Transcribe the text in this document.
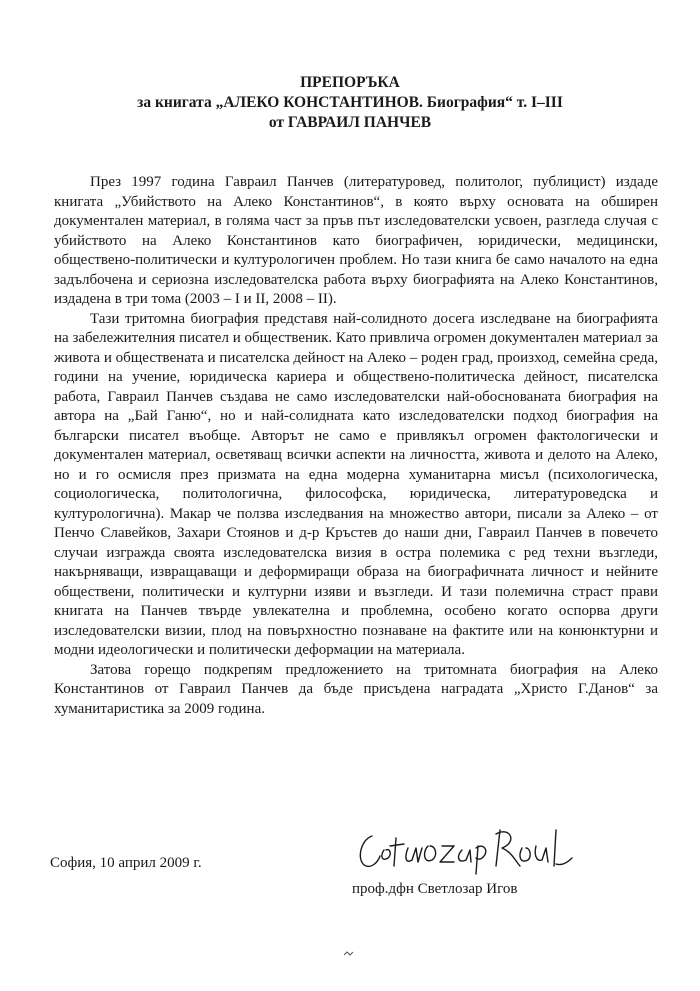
ПРЕПОРЪКА
за книгата „АЛЕКО КОНСТАНТИНОВ. Биография“ т. І–ІІІ
от ГАВРАИЛ ПАНЧЕВ

През 1997 година Гавраил Панчев (литературовед, политолог, публицист) издаде книгата „Убийството на Алеко Константинов“, в която върху основата на обширен документален материал, в голяма част за пръв път изследователски усвоен, разгледа случая с убийството на Алеко Константинов като биографичен, юридически, медицински, обществено-политически и културологичен проблем. Но тази книга бе само началото на една задълбочена и сериозна изследователска работа върху биографията на Алеко Константинов, издадена в три тома (2003 – І и ІІ, 2008 – ІІ).

Тази тритомна биография представя най-солидното досега изследване на биографията на забележителния писател и общественик. Като привлича огромен документален материал за живота и обществената и писателска дейност на Алеко – роден град, произход, семейна среда, години на учение, юридическа кариера и обществено-политическа дейност, писателска работа, Гавраил Панчев създава не само изследователски най-обоснованата биография на автора на „Бай Ганю“, но и най-солидната като изследователски подход биография на български писател въобще. Авторът не само е привлякъл огромен фактологически и документален материал, осветяващ всички аспекти на личността, живота и делото на Алеко, но и го осмисля през призмата на една модерна хуманитарна мисъл (психологическа, социологическа, политологична, философска, юридическа, литературоведска и културологична). Макар че ползва изследвания на множество автори, писали за Алеко – от Пенчо Славейков, Захари Стоянов и д-р Кръстев до наши дни, Гавраил Панчев в повечето случаи изгражда своята изследователска визия в остра полемика с ред техни възгледи, накърняващи, извращаващи и деформиращи образа на биографичната личност и нейните обществени, политически и културни изяви и възгледи. И тази полемична страст прави книгата на Панчев твърде увлекателна и проблемна, особено когато оспорва други изследователски визии, плод на повърхностно познаване на фактите или на конюнктурни и модни идеологически и политически деформации на материала.

Затова горещо подкрепям предложението на тритомната биография на Алеко Константинов от Гавраил Панчев да бъде присъдена наградата „Христо Г.Данов“ за хуманитаристика за 2009 година.

София, 10 април 2009 г.
проф.дфн Светлозар Игов
